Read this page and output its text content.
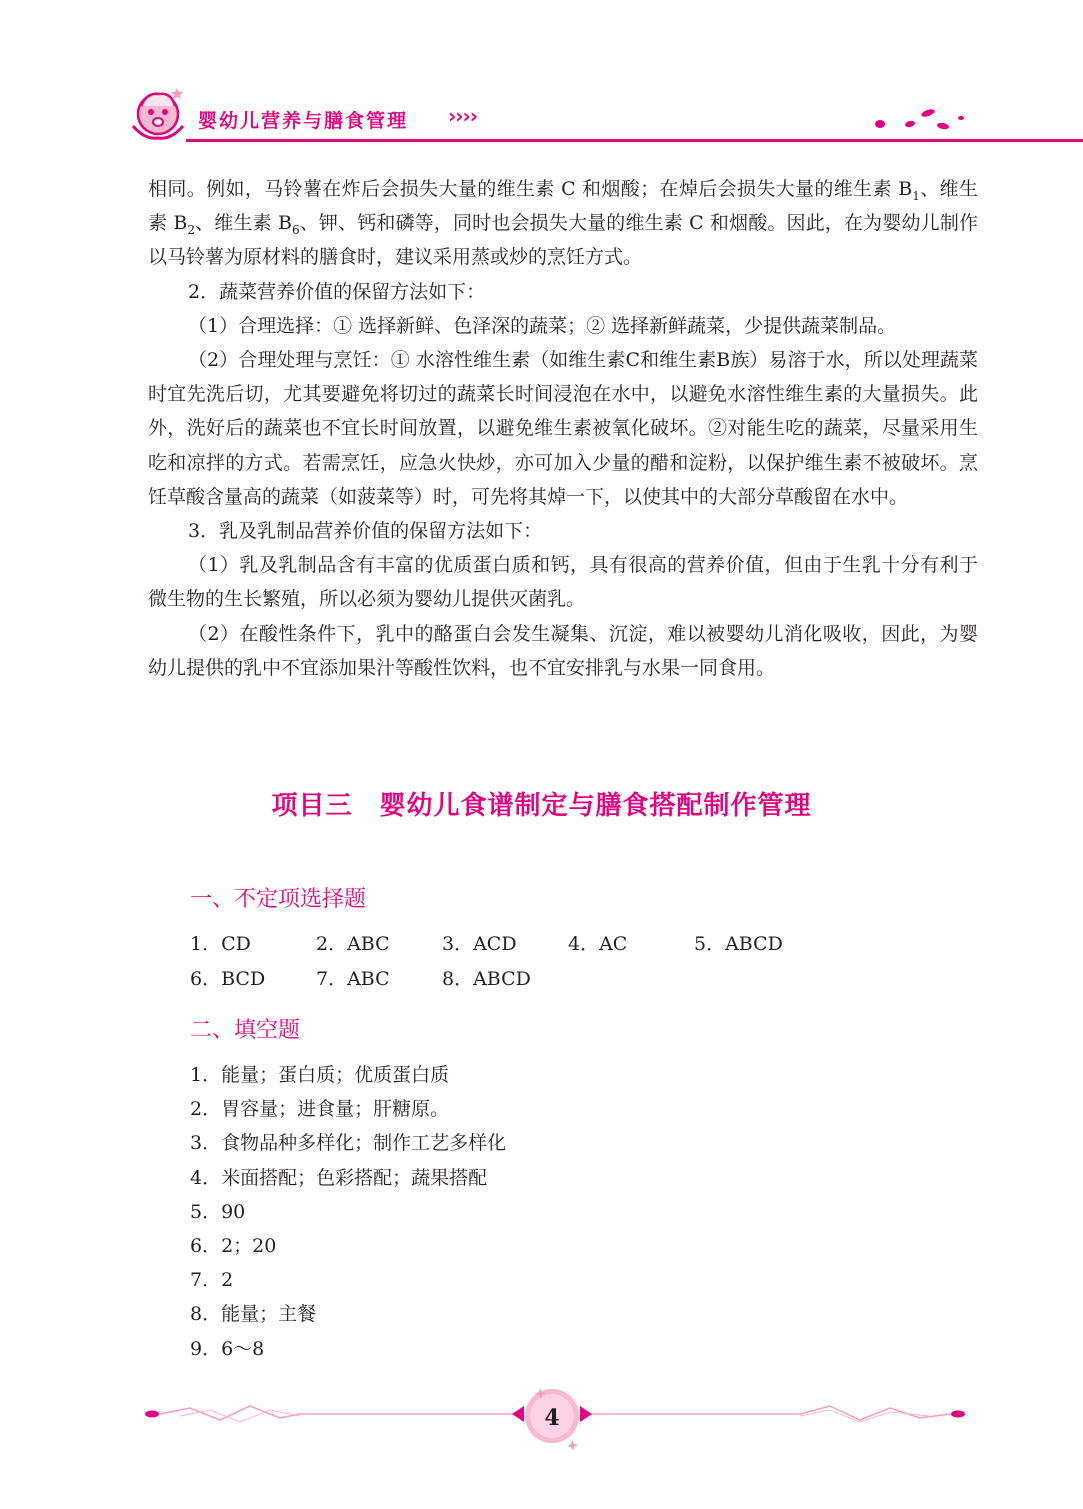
婴幼儿营养与膳食管理 ››››

相同。例如，马铃薯在炸后会损失大量的维生素 C 和烟酸；在焯后会损失大量的维生素 $B_1$、维生素 $B_2$、维生素 $B_6$、钾、钙和磷等，同时也会损失大量的维生素 C 和烟酸。因此，在为婴幼儿制作以马铃薯为原材料的膳食时，建议采用蒸或炒的烹饪方式。

2．蔬菜营养价值的保留方法如下：

（1）合理选择：① 选择新鲜、色泽深的蔬菜；② 选择新鲜蔬菜，少提供蔬菜制品。

（2）合理处理与烹饪：① 水溶性维生素（如维生素C和维生素B族）易溶于水，所以处理蔬菜时宜先洗后切，尤其要避免将切过的蔬菜长时间浸泡在水中，以避免水溶性维生素的大量损失。此外，洗好后的蔬菜也不宜长时间放置，以避免维生素被氧化破坏。②对能生吃的蔬菜，尽量采用生吃和凉拌的方式。若需烹饪，应急火快炒，亦可加入少量的醋和淀粉，以保护维生素不被破坏。烹饪草酸含量高的蔬菜（如菠菜等）时，可先将其焯一下，以使其中的大部分草酸留在水中。

3．乳及乳制品营养价值的保留方法如下：

（1）乳及乳制品含有丰富的优质蛋白质和钙，具有很高的营养价值，但由于生乳十分有利于微生物的生长繁殖，所以必须为婴幼儿提供灭菌乳。

（2）在酸性条件下，乳中的酪蛋白会发生凝集、沉淀，难以被婴幼儿消化吸收，因此，为婴幼儿提供的乳中不宜添加果汁等酸性饮料，也不宜安排乳与水果一同食用。

项目三　婴幼儿食谱制定与膳食搭配制作管理
一、不定项选择题
1．CD	2．ABC	3．ACD	4．AC	5．ABCD
6．BCD	7．ABC	8．ABCD
二、填空题
1．能量；蛋白质；优质蛋白质
2．胃容量；进食量；肝糖原。
3．食物品种多样化；制作工艺多样化
4．米面搭配；色彩搭配；蔬果搭配
5．90
6．2；20
7．2
8．能量；主餐
9．6～8
4
